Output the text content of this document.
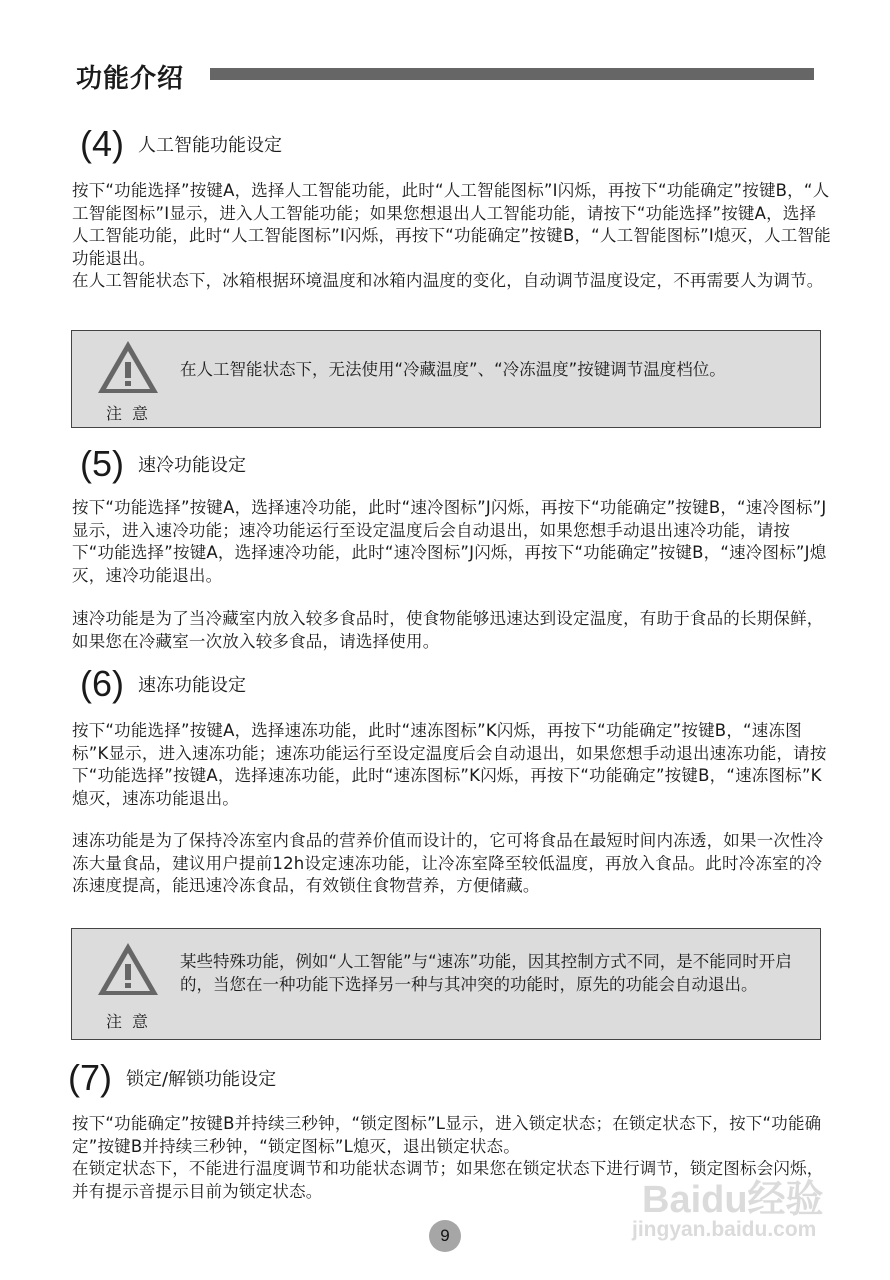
功能介绍
(4) 人工智能功能设定

按下“功能选择”按键A，选择人工智能功能，此时“人工智能图标”I闪烁，再按下“功能确定”按键B，“人工智能图标”I显示，进入人工智能功能；如果您想退出人工智能功能，请按下“功能选择”按键A，选择人工智能功能，此时“人工智能图标”I闪烁，再按下“功能确定”按键B，“人工智能图标”I熄灭，人工智能功能退出。

在人工智能状态下，冰箱根据环境温度和冰箱内温度的变化，自动调节温度设定，不再需要人为调节。

注意

在人工智能状态下，无法使用“冷藏温度”、“冷冻温度”按键调节温度档位。

(5) 速冷功能设定

按下“功能选择”按键A，选择速冷功能，此时“速冷图标”J闪烁，再按下“功能确定”按键B，“速冷图标”J显示，进入速冷功能；速冷功能运行至设定温度后会自动退出，如果您想手动退出速冷功能，请按下“功能选择”按键A，选择速冷功能，此时“速冷图标”J闪烁，再按下“功能确定”按键B，“速冷图标”J熄灭，速冷功能退出。

速冷功能是为了当冷藏室内放入较多食品时，使食物能够迅速达到设定温度，有助于食品的长期保鲜，如果您在冷藏室一次放入较多食品，请选择使用。

(6) 速冻功能设定

按下“功能选择”按键A，选择速冻功能，此时“速冻图标”K闪烁，再按下“功能确定”按键B，“速冻图标”K显示，进入速冻功能；速冻功能运行至设定温度后会自动退出，如果您想手动退出速冻功能，请按下“功能选择”按键A，选择速冻功能，此时“速冻图标”K闪烁，再按下“功能确定”按键B，“速冻图标”K熄灭，速冻功能退出。

速冻功能是为了保持冷冻室内食品的营养价值而设计的，它可将食品在最短时间内冻透，如果一次性冷冻大量食品，建议用户提前12h设定速冻功能，让冷冻室降至较低温度，再放入食品。此时冷冻室的冷冻速度提高，能迅速冷冻食品，有效锁住食物营养，方便储藏。

注意

某些特殊功能，例如“人工智能”与“速冻”功能，因其控制方式不同，是不能同时开启的，当您在一种功能下选择另一种与其冲突的功能时，原先的功能会自动退出。

(7) 锁定/解锁功能设定

按下“功能确定”按键B并持续三秒钟，“锁定图标”L显示，进入锁定状态；在锁定状态下，按下“功能确定”按键B并持续三秒钟，“锁定图标”L熄灭，退出锁定状态。

在锁定状态下，不能进行温度调节和功能状态调节；如果您在锁定状态下进行调节，锁定图标会闪烁，并有提示音提示目前为锁定状态。

9
Baidu经验
jingyan.baidu.com
